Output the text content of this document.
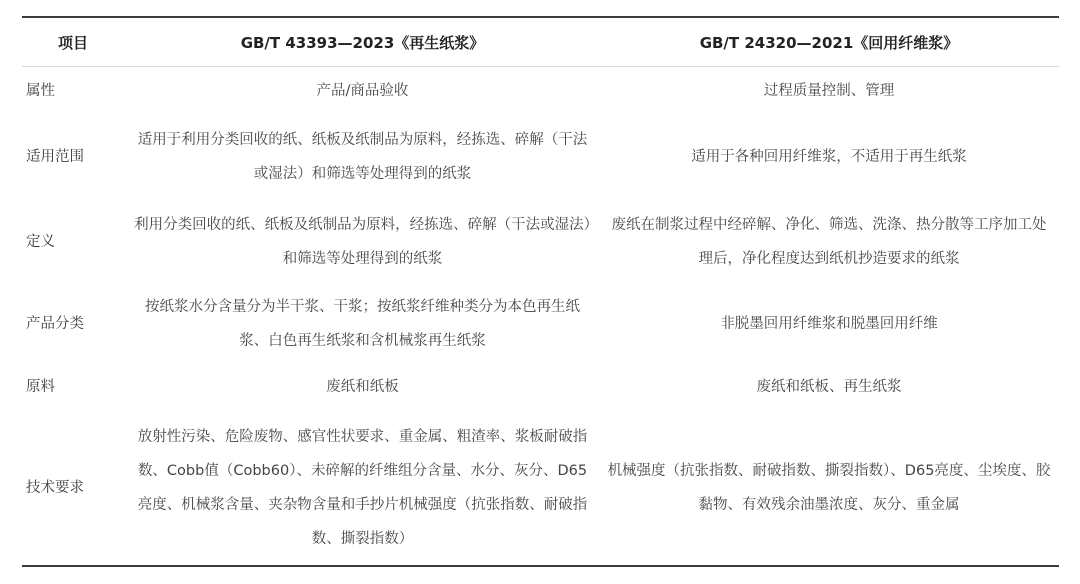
项目	GB/T 43393—2023《再生纸浆》	GB/T 24320—2021《回用纤维浆》
属性	产品/商品验收	过程质量控制、管理
适用范围	适用于利用分类回收的纸、纸板及纸制品为原料，经拣选、碎解（干法或湿法）和筛选等处理得到的纸浆	适用于各种回用纤维浆，不适用于再生纸浆
定义	利用分类回收的纸、纸板及纸制品为原料，经拣选、碎解（干法或湿法）和筛选等处理得到的纸浆	废纸在制浆过程中经碎解、净化、筛选、洗涤、热分散等工序加工处理后，净化程度达到纸机抄造要求的纸浆
产品分类	按纸浆水分含量分为半干浆、干浆；按纸浆纤维种类分为本色再生纸浆、白色再生纸浆和含机械浆再生纸浆	非脱墨回用纤维浆和脱墨回用纤维
原料	废纸和纸板	废纸和纸板、再生纸浆
技术要求	放射性污染、危险废物、感官性状要求、重金属、粗渣率、浆板耐破指数、Cobb值（Cobb60）、未碎解的纤维组分含量、水分、灰分、D65亮度、机械浆含量、夹杂物含量和手抄片机械强度（抗张指数、耐破指数、撕裂指数）	机械强度（抗张指数、耐破指数、撕裂指数）、D65亮度、尘埃度、胶黏物、有效残余油墨浓度、灰分、重金属
